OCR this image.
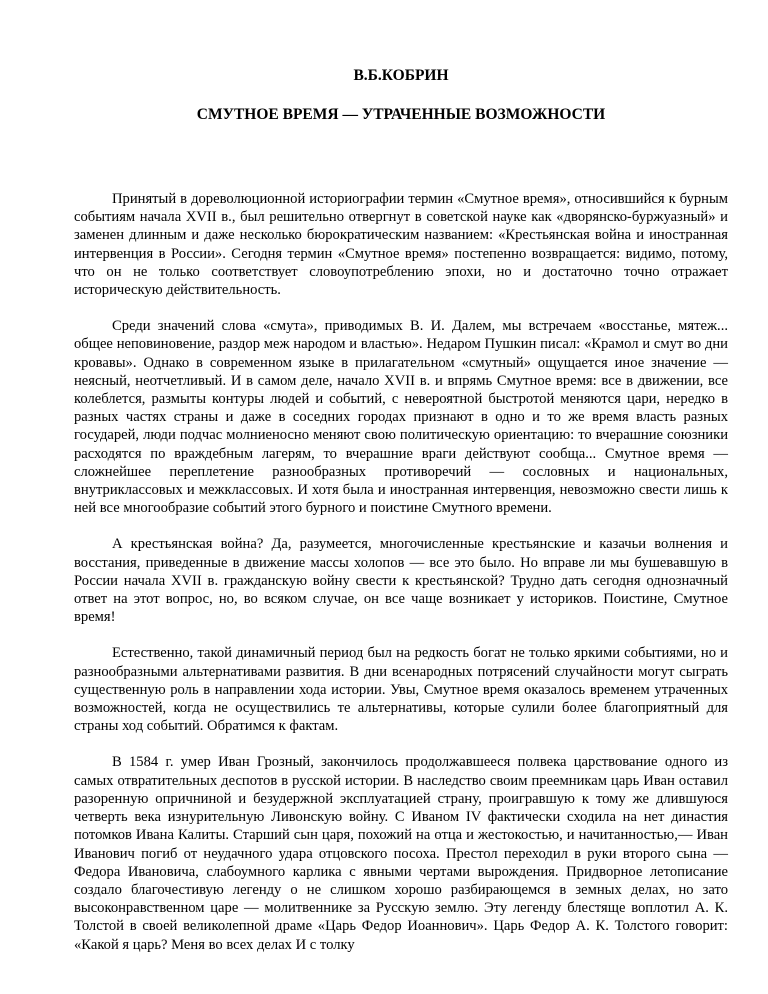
В.Б.КОБРИН
СМУТНОЕ ВРЕМЯ — УТРАЧЕННЫЕ ВОЗМОЖНОСТИ

Принятый в дореволюционной историографии термин «Смутное время», относившийся к бурным событиям начала XVII в., был решительно отвергнут в советской науке как «дворянско-буржуазный» и заменен длинным и даже несколько бюрократическим названием: «Крестьянская война и иностранная интервенция в России». Сегодня термин «Смутное время» постепенно возвращается: видимо, потому, что он не только соответствует словоупотреблению эпохи, но и достаточно точно отражает историческую действительность.

Среди значений слова «смута», приводимых В. И. Далем, мы встречаем «восстанье, мятеж... общее неповиновение, раздор меж народом и властью». Недаром Пушкин писал: «Крамол и смут во дни кровавы». Однако в современном языке в прилагательном «смутный» ощущается иное значение — неясный, неотчетливый. И в самом деле, начало XVII в. и впрямь Смутное время: все в движении, все колеблется, размыты контуры людей и событий, с невероятной быстротой меняются цари, нередко в разных частях страны и даже в соседних городах признают в одно и то же время власть разных государей, люди подчас молниеносно меняют свою политическую ориентацию: то вчерашние союзники расходятся по враждебным лагерям, то вчерашние враги действуют сообща... Смутное время — сложнейшее переплетение разнообразных противоречий — сословных и национальных, внутриклассовых и межклассовых. И хотя была и иностранная интервенция, невозможно свести лишь к ней все многообразие событий этого бурного и поистине Смутного времени.

А крестьянская война? Да, разумеется, многочисленные крестьянские и казачьи волнения и восстания, приведенные в движение массы холопов — все это было. Но вправе ли мы бушевавшую в России начала XVII в. гражданскую войну свести к крестьянской? Трудно дать сегодня однозначный ответ на этот вопрос, но, во всяком случае, он все чаще возникает у историков. Поистине, Смутное время!

Естественно, такой динамичный период был на редкость богат не только яркими событиями, но и разнообразными альтернативами развития. В дни всенародных потрясений случайности могут сыграть существенную роль в направлении хода истории. Увы, Смутное время оказалось временем утраченных возможностей, когда не осуществились те альтернативы, которые сулили более благоприятный для страны ход событий. Обратимся к фактам.

В 1584 г. умер Иван Грозный, закончилось продолжавшееся полвека царствование одного из самых отвратительных деспотов в русской истории. В наследство своим преемникам царь Иван оставил разоренную опричниной и безудержной эксплуатацией страну, проигравшую к тому же длившуюся четверть века изнурительную Ливонскую войну. С Иваном IV фактически сходила на нет династия потомков Ивана Калиты. Старший сын царя, похожий на отца и жестокостью, и начитанностью,— Иван Иванович погиб от неудачного удара отцовского посоха. Престол переходил в руки второго сына — Федора Ивановича, слабоумного карлика с явными чертами вырождения. Придворное летописание создало благочестивую легенду о не слишком хорошо разбирающемся в земных делах, но зато высоконравственном царе — молитвеннике за Русскую землю. Эту легенду блестяще воплотил А. К. Толстой в своей великолепной драме «Царь Федор Иоаннович». Царь Федор А. К. Толстого говорит: «Какой я царь? Меня во всех делах И с толку
